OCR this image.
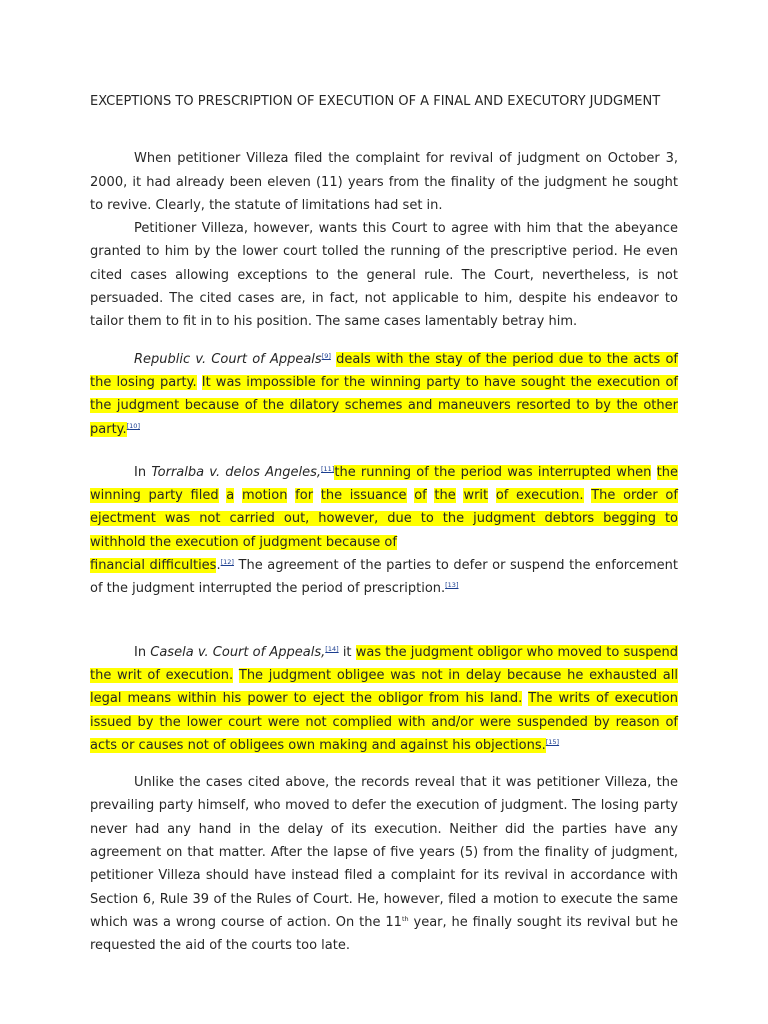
EXCEPTIONS TO PRESCRIPTION OF EXECUTION OF A FINAL AND EXECUTORY JUDGMENT

When petitioner Villeza filed the complaint for revival of judgment on October 3, 2000, it had already been eleven (11) years from the finality of the judgment he sought to revive. Clearly, the statute of limitations had set in.

Petitioner Villeza, however, wants this Court to agree with him that the abeyance granted to him by the lower court tolled the running of the prescriptive period. He even cited cases allowing exceptions to the general rule. The Court, nevertheless, is not persuaded. The cited cases are, in fact, not applicable to him, despite his endeavor to tailor them to fit in to his position. The same cases lamentably betray him.

Republic v. Court of Appeals[9] deals with the stay of the period due to the acts of the losing party. It was impossible for the winning party to have sought the execution of the judgment because of the dilatory schemes and maneuvers resorted to by the other party.[10]

In Torralba v. delos Angeles,[11]the running of the period was interrupted when the winning party filed a motion for the issuance of the writ of execution. The order of ejectment was not carried out, however, due to the judgment debtors begging to withhold the execution of judgment because of
financial difficulties.[12] The agreement of the parties to defer or suspend the enforcement of the judgment interrupted the period of prescription.[13]

In Casela v. Court of Appeals,[14] it was the judgment obligor who moved to suspend the writ of execution. The judgment obligee was not in delay because he exhausted all legal means within his power to eject the obligor from his land. The writs of execution issued by the lower court were not complied with and/or were suspended by reason of acts or causes not of obligees own making and against his objections.[15]

Unlike the cases cited above, the records reveal that it was petitioner Villeza, the prevailing party himself, who moved to defer the execution of judgment. The losing party never had any hand in the delay of its execution. Neither did the parties have any agreement on that matter. After the lapse of five years (5) from the finality of judgment, petitioner Villeza should have instead filed a complaint for its revival in accordance with Section 6, Rule 39 of the Rules of Court. He, however, filed a motion to execute the same which was a wrong course of action. On the 11th year, he finally sought its revival but he requested the aid of the courts too late.
